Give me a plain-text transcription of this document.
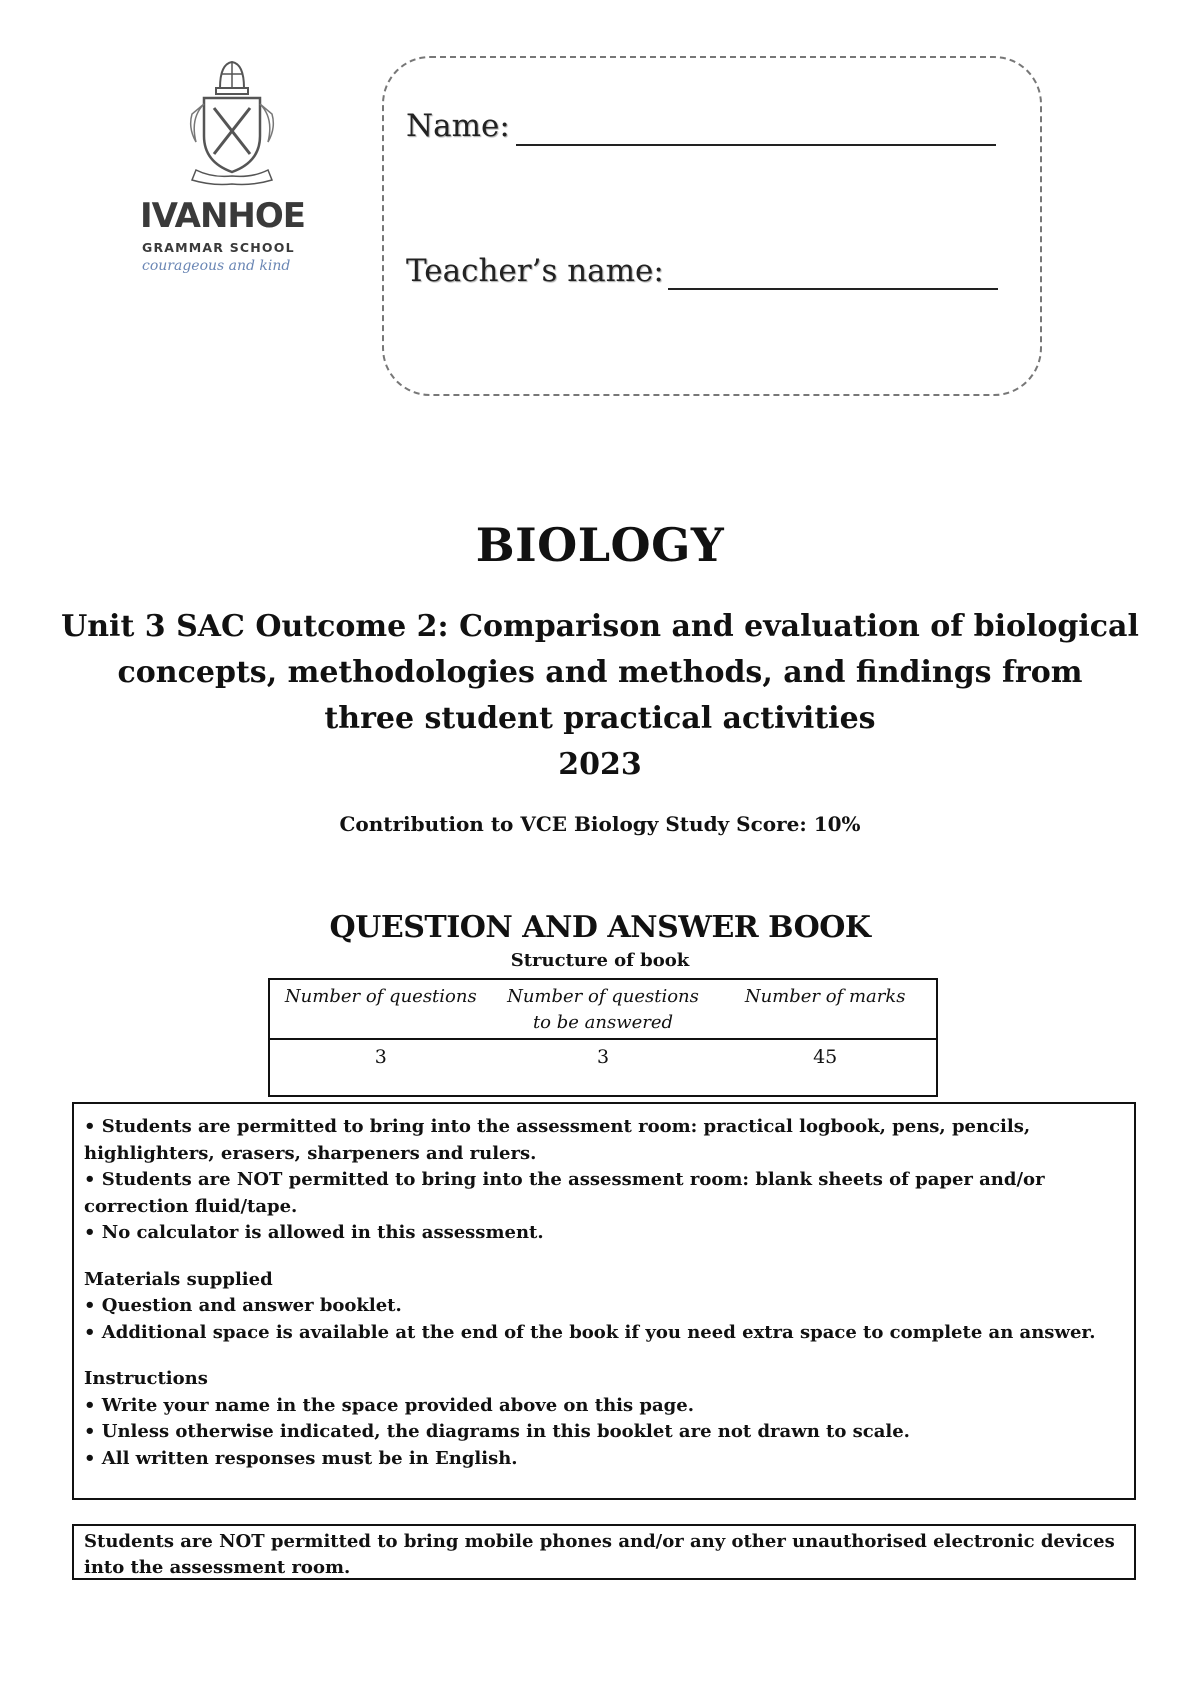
IVANHOE
GRAMMAR SCHOOL
courageous and kind
Name:
Teacher’s name:
BIOLOGY
Unit 3 SAC Outcome 2: Comparison and evaluation of biological
concepts, methodologies and methods, and findings from
three student practical activities
2023
Contribution to VCE Biology Study Score: 10%
QUESTION AND ANSWER BOOK
Structure of book
Number of questions	Number of questions to be answered	Number of marks
3	3	45

• Students are permitted to bring into the assessment room: practical logbook, pens, pencils, highlighters, erasers, sharpeners and rulers.

• Students are NOT permitted to bring into the assessment room: blank sheets of paper and/or correction fluid/tape.

• No calculator is allowed in this assessment.

Materials supplied

• Question and answer booklet.

• Additional space is available at the end of the book if you need extra space to complete an answer.

Instructions

• Write your name in the space provided above on this page.

• Unless otherwise indicated, the diagrams in this booklet are not drawn to scale.

• All written responses must be in English.

Students are NOT permitted to bring mobile phones and/or any other unauthorised electronic devices into the assessment room.
